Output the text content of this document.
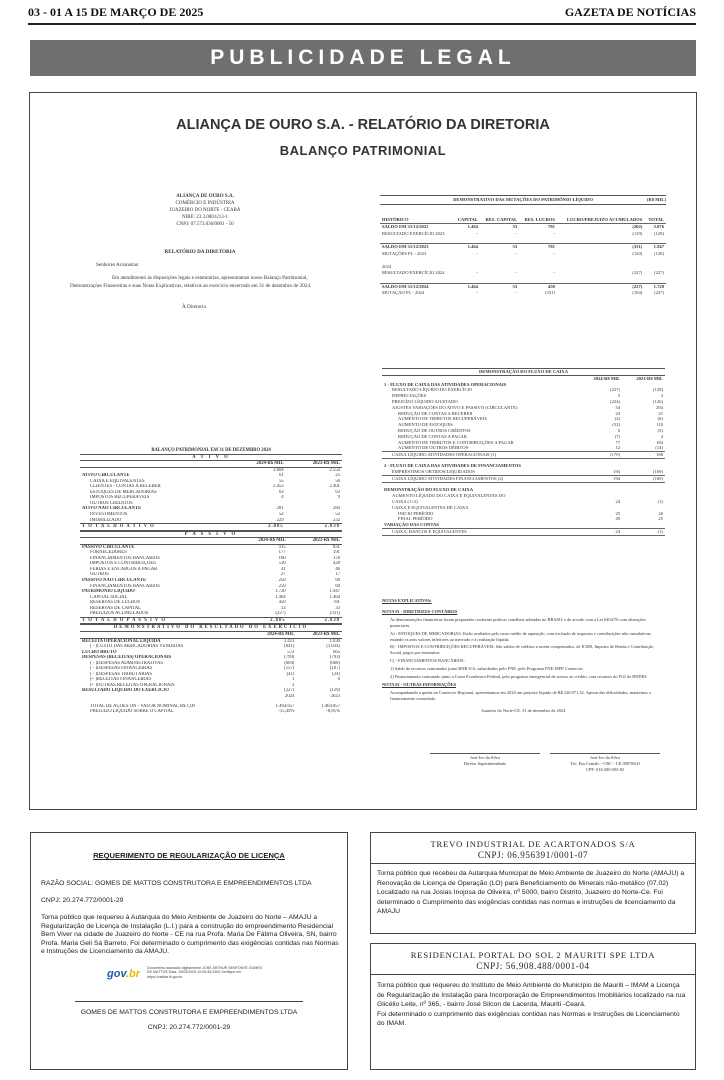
03 - 01 A 15 DE MARÇO DE 2025	GAZETA DE NOTÍCIAS
PUBLICIDADE LEGAL
ALIANÇA DE OURO S.A. - RELATÓRIO DA DIRETORIA
BALANÇO PATRIMONIAL
ALIANÇA DE OURO S.A.
COMÉRCIO E INDÚSTRIA
JUAZEIRO DO NORTE - CEARÁ
NIRE: 23.3.0001213-1
CNPJ: 07.573.036/0001 - 50
RELATÓRIO DA DIRETORIA
Senhores Acionistas:
Em atendimento às disposições legais e estatutárias, apresentamos nosso Balanço Patrimonial, Demonstrações Financeiras e suas Notas Explicativas, relativos ao exercício encerrado em 31 de dezembro de 2024.
À Diretoria
DEMONSTRATIVO DAS MUTAÇÕES DO PATRIMÔNIO LÍQUIDO	(R$ MIL)
HISTÓRICO	CAPITAL	RES. CAPITAL	RES. LUCROS	LUCRO/PREJUIZO ACUMULADOS	TOTAL
SALDO EM 31/12/2022	1.464	33	781	(202)	2.076
RESULTADO EXERCÍCIO 2023	-	-	-	(129)	(129)

SALDO EM 31/12/2023	1.464	33	781	(331)	1.947
MUTAÇÕES PL - 2023	-	-	-	(120)	(120)

2024					
RESULTADO EXERCÍCIO 2024	-	-	-	(227)	(227)

SALDO EM 31/12/2024	1.464	33	450	(227)	1.720
MUTAÇÃO PL - 2024	-	-	(331)	(104)	(227)
DEMONSTRAÇÃO DO FLUXO DE CAIXA
	2024-R$ MIL	2023-R$ MIL
1 - FLUXO DE CAIXA DAS ATIVIDADES OPERACIONAIS		
RESULTADO LÍQUIDO DO EXERCÍCIO	(227)	(129)
DEPRECIAÇÕES	3	3
PREJUÍZO LÍQUIDO AJUSTADO	(224)	(126)
AJUSTES VARIAÇÕES DO ATIVO E PASSIVO (CIRCULANTE)	54	294
REDUÇÃO DE CONTAS A RECEBER	23	21
AUMENTO DE TRIBUTOS RECUPERÁVEIS	(2)	(6)
AUMENTO DE ESTOQUES	(52)	110
REDUÇÃO DE OUTROS CRÉDITOS	0	(5)
REDUÇÃO DE CONTAS A PAGAR	(7)	4
AUMENTO DE TRIBUTOS E CONTRIBUIÇÕES A PAGAR	77	184
AUMENTO DE OUTROS DÉBITOS	12	(14)
CAIXA LÍQUIDO ATIVIDADES OPERACIONAIS (1)	(170)	168

2 - FLUXO DE CAIXA DAS ATIVIDADES DE FINANCIAMENTOS		
EMPRÉSTIMOS OBTIDOS/LIQUIDADOS	194	(169)
CAIXA LÍQUIDO ATIVIDADES FINANCIAMENTOS (2)	194	(169)

DEMONSTRAÇÃO DO FLUXO DE CAIXA		
AUMENTO LÍQUIDO DO CAIXA E EQUIVALENTES DO		
CAIXA (1+2)	24	(1)
CAIXA E EQUIVALENTES DE CAIXA		
INICIO PERÍODO	25	26
FINAL PERÍODO	49	25
VARIAÇÃO DAS CONTAS		
CAIXA, BANCOS E EQUIVALENTES	24	(1)
NOTAS EXPLICATIVAS:
NOTA 01 - DIRETRIZES CONTÁBEIS
As demonstrações financeiras foram preparadas conforme práticas contábeis adotadas no BRASIL e de acordo com a Lei 6404/76 com alterações posteriores.
A) - ESTOQUES DE MERCADORIAS: Estão avaliados pelo custo médio de aquisição, com exclusão de impostos e contribuições não cumulativas, estando os seus valores inferiores ao mercado e à realização líquida.
B) - IMPOSTOS E CONTRIBUIÇÕES RECUPERÁVEIS: São saldos de créditos a serem compensados, de ICMS, Imposto de Renda e Contribuição Social, pagos por estimativa.
C) - FINANCIAMENTOS BANCÁRIOS:
1) Saldo de recursos contratados junto BNB S/A, subsidiados pelo FNE, pelo Programa FNE-MPE Comercio;
2) Financiamento contratado junto a Caixa Econômica Federal, pelo programa emergencial de acesso ao crédito, com recursos do FGI do BNDES
NOTA 02 - OUTRAS INFORMAÇÕES
Acompanhando a queda no Comercio Regional, apresentamos em 2024 um prejuízo líquido de R$ 226.971,32. Apesar das dificuldades, mantemos o financiamento controlado.
Juazeiro do Norte-CE, 31 de dezembro de 2024
José Ivo da Silva
Diretor Superintendente
José Ivo da Silva
Téc. Em Contab. - CRC - CE 000786/O
CPF: 016.500.003-82
BALANÇO PATRIMONIAL EM 31 DE DEZEMBRO 2024
A T I V O
	2024-R$ MIL	2023-R$ MIL
	2.604	2.554
ATIVO CIRCULANTE	61	25
CAIXA E EQUIVALENTES	55	56
CLIENTES - CONTAS A RECEBER	2.453	2.401
ESTOQUES DE MERCADORIAS	63	63
IMPOSTOS RECUPERÁVEIS	4	9
OUTROS CRÉDITOS		
ATIVO NÃO CIRCULANTE	281	284
INVESTIMENTOS	52	52
IMOBILIZADO	229	232
T O T A L D O A T I V O	2.885	2.838
P A S S I V O
	2024-R$ MIL	2023-R$ MIL
PASSIVO CIRCULANTE	915	831
FORNECEDORES	177	191
FINANCIAMENTOS BANCÁRIOS	160	176
IMPOSTOS E CONTRIBUIÇÕES	510	428
FÉRIAS E ENCARGOS A PAGAR	41	46
OUTROS	27	17
PASSIVO NÃO CIRCULANTE	250	60
FINANCIAMENTOS BANCÁRIOS	250	60
PATRIMÔNIO LÍQUIDO	1.720	1.947
CAPITAL SOCIAL	1.464	1.464
RESERVAS DE LUCROS	450	781
RESERVAS DE CAPITAL	33	33
PREJUÍZOS ACUMULADOS	(227)	(331)
T O T A L D O P A S S I V O	2.885	2.838
DEMONSTRATIVO DO RESULTADO DO EXERCÍCIO
	2024-R$ MIL	2023-R$ MIL
RECEITA OPERACIONAL LÍQUIDA	1.413	1.030
( - )CUSTO DAS MERCADORIAS VENDIDAS	(841)	(1.034)
LUCRO BRUTO	572	665
DESPESAS (RECEITAS) OPERACIONAIS	(799)	(793)
( - )DESPESAS ADMINISTRATIVAS	(604)	(668)
( - )DESPESAS FINANCEIRAS	(157)	(107)
( - )DESPESAS TRIBUTÁRIAS	(41)	(24)
(+ )RECEITAS FINANCEIRAS	1	6
(+ )OUTRAS RECEITAS OPERACIONAIS	2	
RESULTADO LÍQUIDO DO EXERCÍCIO	(227)	(129)
	2024	2023

TOTAL DE AÇÕES ON - VALOR NOMINAL R$ 1,00	1.464.857	1.464.857
PREJUÍZO LÍQUIDO SOBRE O CAPITAL	-15,49%	-8,81%
REQUERIMENTO DE REGULARIZAÇÃO DE LICENÇA
RAZÃO SOCIAL: GOMES DE MATTOS CONSTRUTORA E EMPREENDIMENTOS LTDA
CNPJ: 20.274.772/0001-29
Torna público que requereu à Autarquia do Meio Ambiente de Juazeiro do Norte – AMAJU a Regularização de Licença de Instalação (L.I.) para a construção do empreendimento Residencial Bem Viver na cidade de Juazeiro do Norte - CE na rua Profa. Maria De Fátima Oliveira, SN, bairro Profa. Maria Geli Sá Barreto. Foi determinado o cumprimento das exigências contidas nas Normas e Instruções de Licenciamento da AMAJU.
gov.br Documento assinado digitalmente JOSE ARTHUR SENFONTE GOMES DE MATTOS Data: 10/03/2025 10:09:45-0300 Verifique em https://validar.iti.gov.br
GOMES DE MATTOS CONSTRUTORA E EMPREENDIMENTOS LTDA
CNPJ: 20.274.772/0001-29
TREVO INDUSTRIAL DE ACARTONADOS S/A
CNPJ: 06.956391/0001-07
Torna público que recebeu da Autarquia Municipal de Meio Ambiente de Juazeiro do Norte (AMAJU) a Renovação de Licença de Operação (LO) para Beneficiamento de Minerais não-metálico (07.02) Localizado na rua Josias Inojosa de Oliveira, nº 5000, bairro Distrito, Juazeiro do Norte-Ce. Foi determinado o Cumprimento das exigências contidas nas normas e instruções de licenciamento da AMAJU
RESIDENCIAL PORTAL DO SOL 2 MAURITI SPE LTDA
CNPJ: 56.908.488/0001-04
Torna público que requereu do Instituto de Meio Ambiente do Município de Mauriti – IMAM a Licença de Regularização de Instalação para Incorporação de Empreendimentos Imobiliários localizado na rua Glicélio Leite, nº 365, - bairro José Silcon de Lacerda, Mauriti -Ceará.
Foi determinado o cumprimento das exigências contidas nas Normas e Instruções de Licenciamento do IMAM.
